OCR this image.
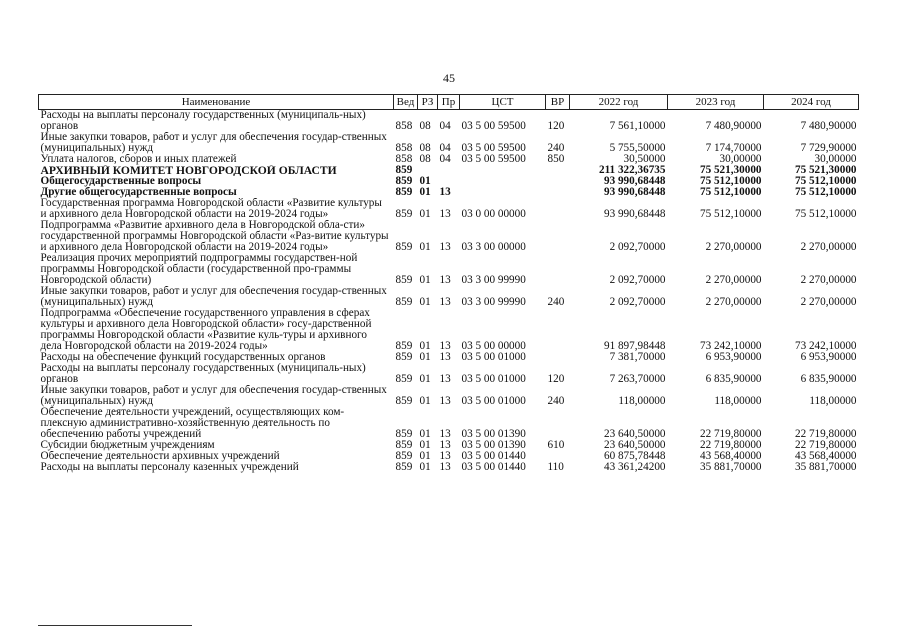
45
Наименование	Вед	РЗ	Пр	ЦСТ	ВР	2022 год	2023 год	2024 год
Расходы на выплаты персоналу государственных (муниципаль-ных) органов	858	08	04	03 5 00 59500	120	7 561,10000	7 480,90000	7 480,90000
Иные закупки товаров, работ и услуг для обеспечения государ-ственных (муниципальных) нужд	858	08	04	03 5 00 59500	240	5 755,50000	7 174,70000	7 729,90000
Уплата налогов, сборов и иных платежей	858	08	04	03 5 00 59500	850	30,50000	30,00000	30,00000
АРХИВНЫЙ КОМИТЕТ НОВГОРОДСКОЙ ОБЛАСТИ	859					211 322,36735	75 521,30000	75 521,30000
Общегосударственные вопросы	859	01				93 990,68448	75 512,10000	75 512,10000
Другие общегосударственные вопросы	859	01	13			93 990,68448	75 512,10000	75 512,10000
Государственная программа Новгородской области «Развитие культуры и архивного дела Новгородской области на 2019-2024 годы»	859	01	13	03 0 00 00000		93 990,68448	75 512,10000	75 512,10000
Подпрограмма «Развитие архивного дела в Новгородской обла-сти» государственной программы Новгородской области «Раз-витие культуры и архивного дела Новгородской области на 2019-2024 годы»	859	01	13	03 3 00 00000		2 092,70000	2 270,00000	2 270,00000
Реализация прочих мероприятий подпрограммы государствен-ной программы Новгородской области (государственной про-граммы Новгородской области)	859	01	13	03 3 00 99990		2 092,70000	2 270,00000	2 270,00000
Иные закупки товаров, работ и услуг для обеспечения государ-ственных (муниципальных) нужд	859	01	13	03 3 00 99990	240	2 092,70000	2 270,00000	2 270,00000
Подпрограмма «Обеспечение государственного управления в сферах культуры и архивного дела Новгородской области» госу-дарственной программы Новгородской области «Развитие куль-туры и архивного дела Новгородской области на 2019-2024 годы»	859	01	13	03 5 00 00000		91 897,98448	73 242,10000	73 242,10000
Расходы на обеспечение функций государственных органов	859	01	13	03 5 00 01000		7 381,70000	6 953,90000	6 953,90000
Расходы на выплаты персоналу государственных (муниципаль-ных) органов	859	01	13	03 5 00 01000	120	7 263,70000	6 835,90000	6 835,90000
Иные закупки товаров, работ и услуг для обеспечения государ-ственных (муниципальных) нужд	859	01	13	03 5 00 01000	240	118,00000	118,00000	118,00000
Обеспечение деятельности учреждений, осуществляющих ком-плексную административно-хозяйственную деятельность по обеспечению работы учреждений	859	01	13	03 5 00 01390		23 640,50000	22 719,80000	22 719,80000
Субсидии бюджетным учреждениям	859	01	13	03 5 00 01390	610	23 640,50000	22 719,80000	22 719,80000
Обеспечение деятельности архивных учреждений	859	01	13	03 5 00 01440		60 875,78448	43 568,40000	43 568,40000
Расходы на выплаты персоналу казенных учреждений	859	01	13	03 5 00 01440	110	43 361,24200	35 881,70000	35 881,70000
